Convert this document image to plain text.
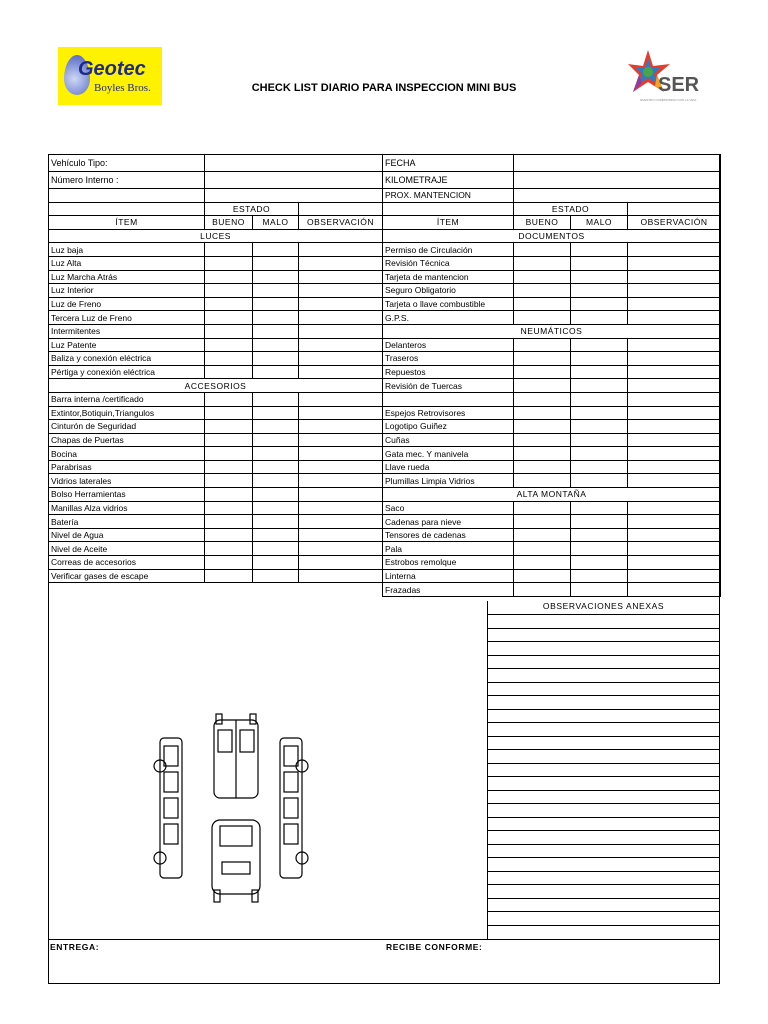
Geotec
Boyles Bros.	CHECK LIST DIARIO PARA INSPECCION MINI BUS	SER
NUESTRO COMPROMISO CON LA VIDA
Vehículo Tipo:			
Número Interno :			

	ESTADO		
ÍTEM	BUENO	MALO	OBSERVACIÓN
LUCES			
Luz baja			
Luz Alta			
Luz Marcha Atrás			
Luz Interior			
Luz de Freno			
Tercera Luz de Freno			
Intermitentes			
Luz Patente			
Baliza y conexión eléctrica			
Pértiga y conexión eléctrica			
ACCESORIOS			
Barra interna /certificado			
Extintor,Botiquin,Triangulos			
Cinturón de Seguridad			
Chapas de Puertas			
Bocina			
Parabrisas			
Vidrios laterales			
Bolso Herramientas			
Manillas Alza vidrios			
Batería			
Nivel de Agua			
Nivel de Aceite			
Correas de accesorios			
Verificar gases de escape			
FECHA			
KILOMETRAJE			
PROX. MANTENCION			
	ESTADO		
ÍTEM	BUENO	MALO	OBSERVACIÓN
DOCUMENTOS			
Permiso de Circulación			
Revisión Técnica			
Tarjeta de mantencion			
Seguro Obligatorio			
Tarjeta o llave combustible			
G.P.S.			
NEUMÁTICOS			
Delanteros			
Traseros			
Repuestos			
Revisión de Tuercas			

Espejos Retrovisores			
Logotipo Guiñez			
Cuñas			
Gata mec. Y manivela			
Llave rueda			
Plumillas Limpia Vidrios			
ALTA MONTAÑA			
Saco			
Cadenas para nieve			
Tensores de cadenas			
Pala			
Estrobos remolque			
Linterna			
Frazadas			
OBSERVACIONES ANEXAS
ENTREGA:	RECIBE CONFORME:
